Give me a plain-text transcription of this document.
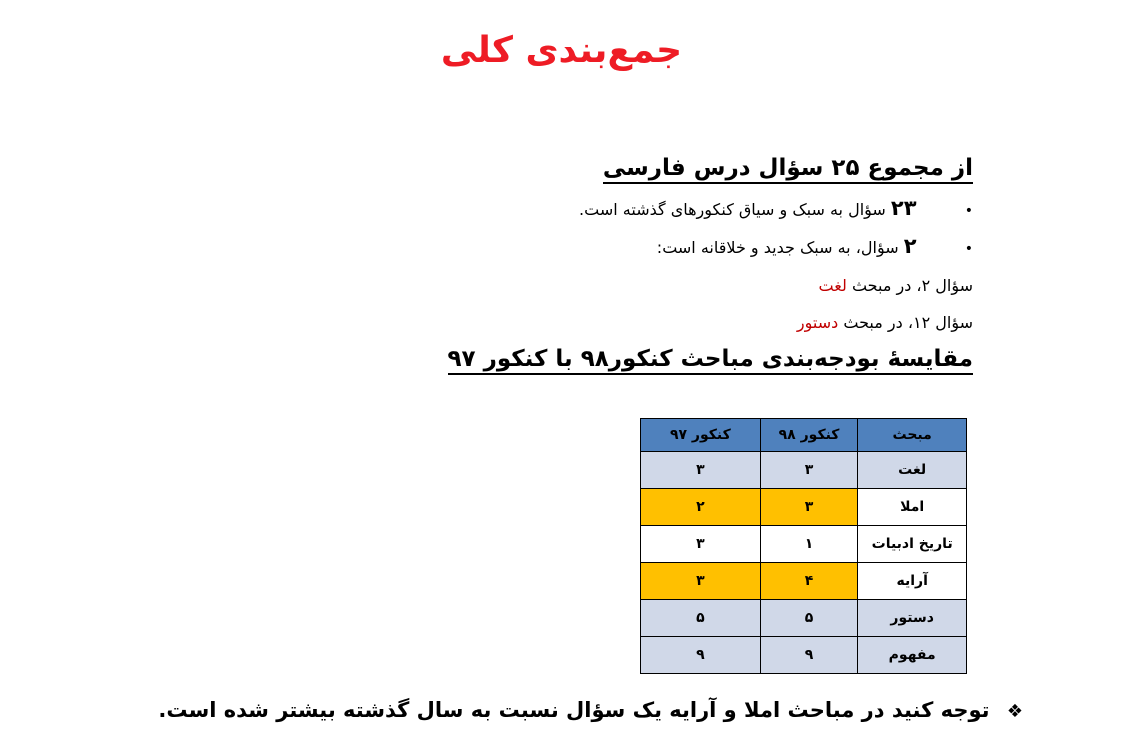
جمع‌بندی کلی
از مجموع ۲۵ سؤال درس فارسی
•  ۲۳ سؤال به سبک و سیاق کنکورهای گذشته است.
•  ۲ سؤال، به سبک جدید و خلاقانه است:
سؤال ۲، در مبحث لغت
سؤال ۱۲، در مبحث دستور
مقایسۀ بودجه‌بندی مباحث کنکور۹۸ با کنکور ۹۷
مبحث	کنکور ۹۸	کنکور ۹۷
لغت	۳	۳
املا	۳	۲
تاریخ ادبیات	۱	۳
آرایه	۴	۳
دستور	۵	۵
مفهوم	۹	۹
❖ توجه کنید در مباحث املا و آرایه یک سؤال نسبت به سال گذشته بیشتر شده است.
